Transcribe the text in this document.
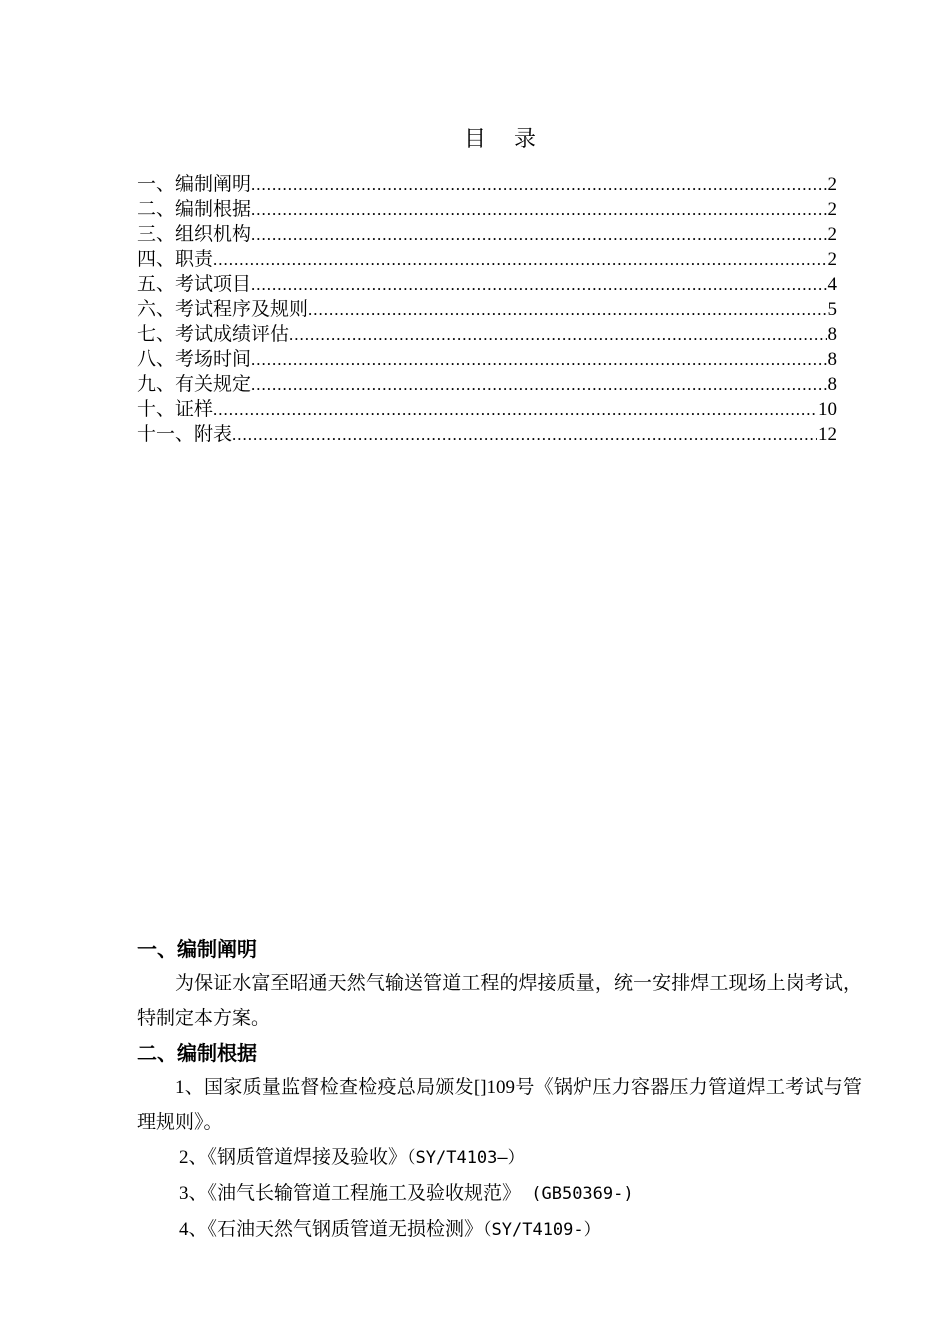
目 录
一、编制阐明 .....	2
二、编制根据 .....	2
三、组织机构 .....	2
四、职责 .....	2
五、考试项目 .....	4
六、考试程序及规则 .....	5
七、考试成绩评估 .....	8
八、考场时间 .....	8
九、有关规定 .....	8
十、证样 .....	10
十一、附表 .....	12
一、编制阐明
为保证水富至昭通天然气输送管道工程的焊接质量，统一安排焊工现场上岗考试，特制定本方案。
二、编制根据
1、国家质量监督检查检疫总局颁发[]109号《锅炉压力容器压力管道焊工考试与管理规则》。
2、《钢质管道焊接及验收》（SY/T4103—）
3、《油气长输管道工程施工及验收规范》 (GB50369-)
4、《石油天然气钢质管道无损检测》（SY/T4109-）
